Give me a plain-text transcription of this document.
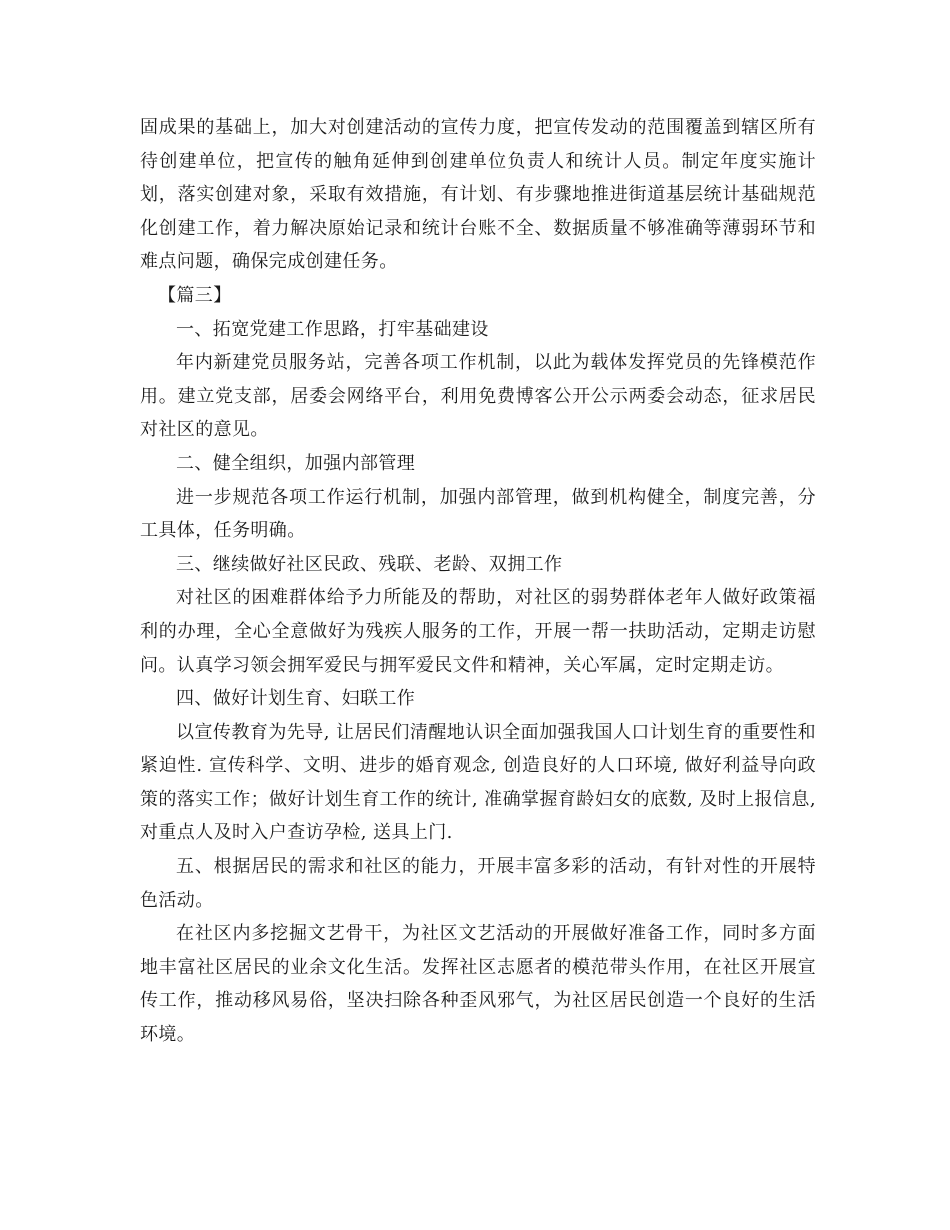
固成果的基础上，加大对创建活动的宣传力度，把宣传发动的范围覆盖到辖区所有待创建单位，把宣传的触角延伸到创建单位负责人和统计人员。制定年度实施计划，落实创建对象，采取有效措施，有计划、有步骤地推进街道基层统计基础规范化创建工作，着力解决原始记录和统计台账不全、数据质量不够准确等薄弱环节和难点问题，确保完成创建任务。

【篇三】

一、拓宽党建工作思路，打牢基础建设

年内新建党员服务站，完善各项工作机制，以此为载体发挥党员的先锋模范作用。建立党支部，居委会网络平台，利用免费博客公开公示两委会动态，征求居民对社区的意见。

二、健全组织，加强内部管理

进一步规范各项工作运行机制，加强内部管理，做到机构健全，制度完善，分工具体，任务明确。

三、继续做好社区民政、残联、老龄、双拥工作

对社区的困难群体给予力所能及的帮助，对社区的弱势群体老年人做好政策福利的办理，全心全意做好为残疾人服务的工作，开展一帮一扶助活动，定期走访慰问。认真学习领会拥军爱民与拥军爱民文件和精神，关心军属，定时定期走访。

四、做好计划生育、妇联工作

以宣传教育为先导, 让居民们清醒地认识全面加强我国人口计划生育的重要性和紧迫性. 宣传科学、文明、进步的婚育观念, 创造良好的人口环境, 做好利益导向政策的落实工作；做好计划生育工作的统计, 准确掌握育龄妇女的底数, 及时上报信息, 对重点人及时入户查访孕检, 送具上门.

五、根据居民的需求和社区的能力，开展丰富多彩的活动，有针对性的开展特色活动。

在社区内多挖掘文艺骨干，为社区文艺活动的开展做好准备工作，同时多方面地丰富社区居民的业余文化生活。发挥社区志愿者的模范带头作用，在社区开展宣传工作，推动移风易俗，坚决扫除各种歪风邪气，为社区居民创造一个良好的生活环境。
